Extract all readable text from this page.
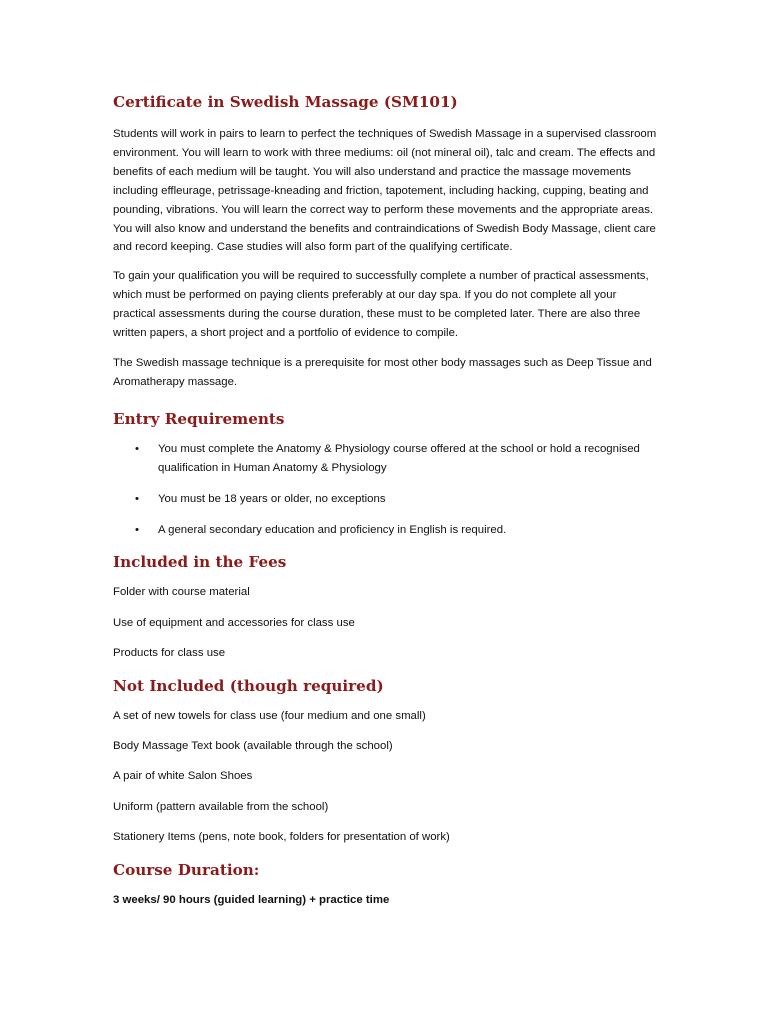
Certificate in Swedish Massage (SM101)

Students will work in pairs to learn to perfect the techniques of Swedish Massage in a supervised classroom environment. You will learn to work with three mediums: oil (not mineral oil), talc and cream. The effects and benefits of each medium will be taught. You will also understand and practice the massage movements including effleurage, petrissage-kneading and friction, tapotement, including hacking, cupping, beating and pounding, vibrations. You will learn the correct way to perform these movements and the appropriate areas. You will also know and understand the benefits and contraindications of Swedish Body Massage, client care and record keeping. Case studies will also form part of the qualifying certificate.

To gain your qualification you will be required to successfully complete a number of practical assessments, which must be performed on paying clients preferably at our day spa. If you do not complete all your practical assessments during the course duration, these must to be completed later. There are also three written papers, a short project and a portfolio of evidence to compile.

The Swedish massage technique is a prerequisite for most other body massages such as Deep Tissue and Aromatherapy massage.

Entry Requirements
• You must complete the Anatomy & Physiology course offered at the school or hold a recognised qualification in Human Anatomy & Physiology
• You must be 18 years or older, no exceptions
• A general secondary education and proficiency in English is required.
Included in the Fees

Folder with course material

Use of equipment and accessories for class use

Products for class use

Not Included (though required)

A set of new towels for class use (four medium and one small)

Body Massage Text book (available through the school)

A pair of white Salon Shoes

Uniform (pattern available from the school)

Stationery Items (pens, note book, folders for presentation of work)

Course Duration:

3 weeks/ 90 hours (guided learning) + practice time
